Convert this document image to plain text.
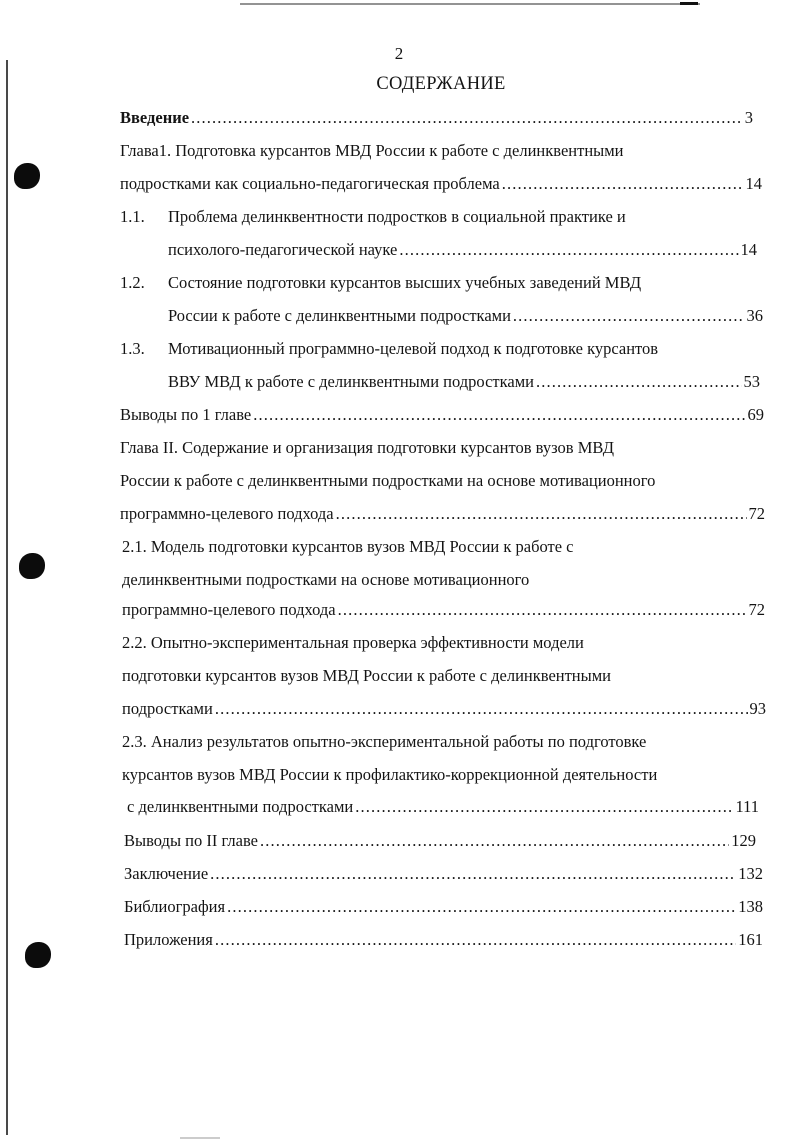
2
СОДЕРЖАНИЕ
Введение . . .	3
Глава1. Подготовка курсантов МВД России к работе с делинквентными
подростками как социально-педагогическая проблема . . .	14
1.1.	Проблема делинквентности подростков в социальной практике и
психолого-педагогической науке . . .	14
1.2.	Состояние подготовки курсантов высших учебных заведений МВД
России к работе с делинквентными подростками . . .	36
1.3.	Мотивационный программно-целевой подход к подготовке курсантов
ВВУ МВД к работе с делинквентными подростками . . .	53
Выводы по 1 главе . . .	69
Глава II. Содержание и организация подготовки курсантов вузов МВД
России к работе с делинквентными подростками на основе мотивационного
программно-целевого подхода . . .	72
2.1. Модель подготовки курсантов вузов МВД России к работе с
делинквентными подростками на основе мотивационного
программно-целевого подхода . . .	72
2.2. Опытно-экспериментальная проверка эффективности модели
подготовки курсантов вузов МВД России к работе с делинквентными
подростками . . .	93
2.3. Анализ результатов опытно-экспериментальной работы по подготовке
курсантов вузов МВД России к профилактико-коррекционной деятельности
с делинквентными подростками . . .	111
Выводы по II главе . . .	129
Заключение . . .	132
Библиография . . .	138
Приложения . . .	161
